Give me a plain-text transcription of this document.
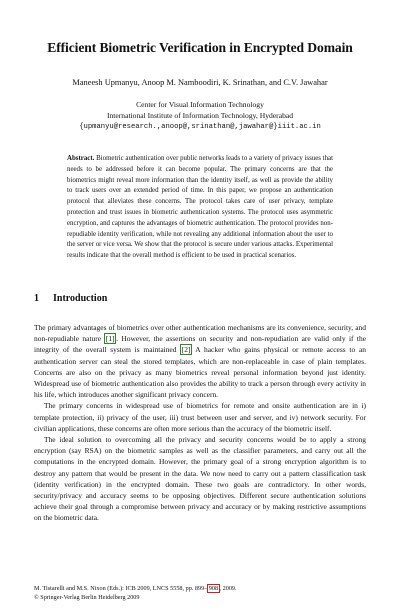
Efficient Biometric Verification in Encrypted Domain
Maneesh Upmanyu, Anoop M. Namboodiri, K. Srinathan, and C.V. Jawahar
Center for Visual Information Technology
International Institute of Information Technology, Hyderabad
{upmanyu@research.,anoop@,srinathan@,jawahar@}iiit.ac.in

Abstract. Biometric authentication over public networks leads to a variety of privacy issues that needs to be addressed before it can become popular. The primary concerns are that the biometrics might reveal more information than the identity itself, as well as provide the ability to track users over an extended period of time. In this paper, we propose an authentication protocol that alleviates these concerns. The protocol takes care of user privacy, template protection and trust issues in biometric authentication systems. The protocol uses asymmetric encryption, and captures the advantages of biometric authentication. The protocol provides non-repudiable identity verification, while not revealing any additional information about the user to the server or vice versa. We show that the protocol is secure under various attacks. Experimental results indicate that the overall method is efficient to be used in practical scenarios.

1 Introduction

The primary advantages of biometrics over other authentication mechanisms are its convenience, security, and non-repudiable nature [1] . However, the assertions on security and non-repudiation are valid only if the integrity of the overall system is maintained [2] A hacker who gains physical or remote access to an authentication server can steal the stored templates, which are non-replaceable in case of plain templates. Concerns are also on the privacy as many biometrics reveal personal information beyond just identity. Widespread use of biometric authentication also provides the ability to track a person through every activity in his life, which introduces another significant privacy concern.

The primary concerns in widespread use of biometrics for remote and onsite authentication are in i) template protection, ii) privacy of the user, iii) trust between user and server, and iv) network security. For civilian applications, these concerns are often more serious than the accuracy of the biometric itself.

The ideal solution to overcoming all the privacy and security concerns would be to apply a strong encryption (say RSA) on the biometric samples as well as the classifier parameters, and carry out all the computations in the encrypted domain. However, the primary goal of a strong encryption algorithm is to destroy any pattern that would be present in the data. We now need to carry out a pattern classification task (identity verification) in the encrypted domain. These two goals are contradictory. In other words, security/privacy and accuracy seems to be opposing objectives. Different secure authentication solutions achieve their goal through a compromise between privacy and accuracy or by making restrictive assumptions on the biometric data.

M. Tistarelli and M.S. Nixon (Eds.): ICB 2009, LNCS 5558, pp. 899– 908 , 2009.
© Springer-Verlag Berlin Heidelberg 2009
